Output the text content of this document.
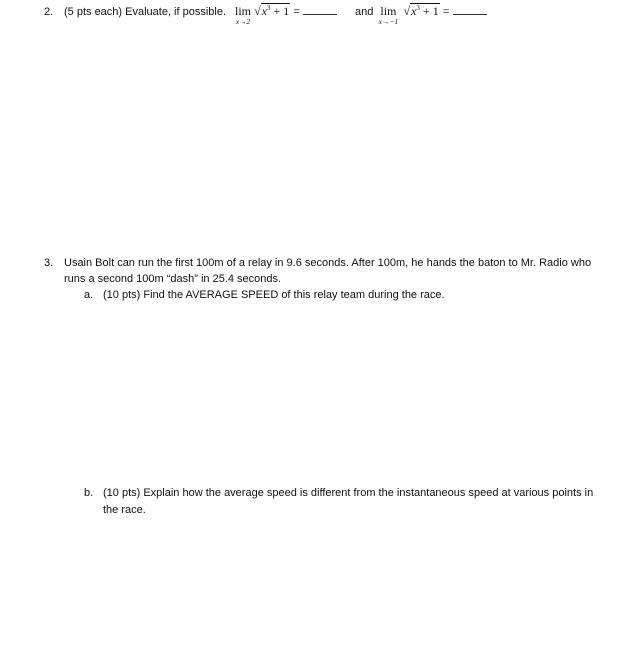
2. (5 pts each) Evaluate, if possible. lim
x→2
$√x^3 + 1$ =	and lim
x→−1
$√x^3 + 1$ =
3. Usain Bolt can run the first 100m of a relay in 9.6 seconds. After 100m, he hands the baton to Mr. Radio who
runs a second 100m “dash” in 25.4 seconds.
a. (10 pts) Find the AVERAGE SPEED of this relay team during the race.
b. (10 pts) Explain how the average speed is different from the instantaneous speed at various points in
the race.
